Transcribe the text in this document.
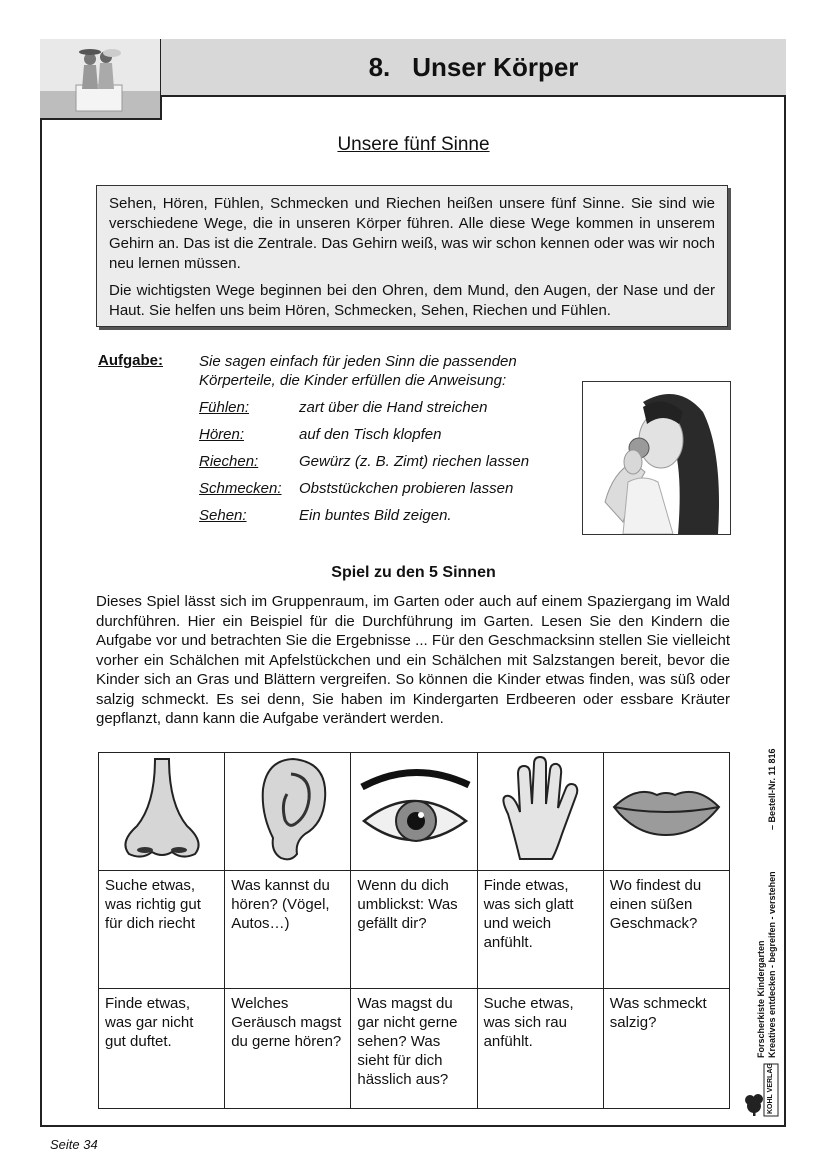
8. Unser Körper
Unsere fünf Sinne

Sehen, Hören, Fühlen, Schmecken und Riechen heißen unsere fünf Sinne. Sie sind wie verschiedene Wege, die in unseren Körper führen. Alle diese Wege kommen in unserem Gehirn an. Das ist die Zentrale. Das Gehirn weiß, was wir schon kennen oder was wir noch neu lernen müssen.

Die wichtigsten Wege beginnen bei den Ohren, dem Mund, den Augen, der Nase und der Haut. Sie helfen uns beim Hören, Schmecken, Sehen, Riechen und Fühlen.

Aufgabe: Sie sagen einfach für jeden Sinn die passenden Körperteile, die Kinder erfüllen die Anweisung:
Fühlen:	zart über die Hand streichen
Hören:	auf den Tisch klopfen
Riechen:	Gewürz (z. B. Zimt) riechen lassen
Schmecken: Obststückchen probieren lassen
Sehen:	Ein buntes Bild zeigen.
Spiel zu den 5 Sinnen
Dieses Spiel lässt sich im Gruppenraum, im Garten oder auch auf einem Spaziergang im Wald durchführen. Hier ein Beispiel für die Durchführung im Garten. Lesen Sie den Kindern die Aufgabe vor und betrachten Sie die Ergebnisse ... Für den Geschmacksinn stellen Sie vielleicht vorher ein Schälchen mit Apfelstückchen und ein Schälchen mit Salzstangen bereit, bevor die Kinder sich an Gras und Blättern vergreifen. So können die Kinder etwas finden, was süß oder salzig schmeckt. Es sei denn, Sie haben im Kindergarten Erdbeeren oder essbare Kräuter gepflanzt, dann kann die Aufgabe verändert werden.

Suche etwas, was richtig gut für dich riecht	Was kannst du hören? (Vögel, Autos…)	Wenn du dich umblickst: Was gefällt dir?	Finde etwas, was sich glatt und weich anfühlt.	Wo findest du einen süßen Geschmack?
Finde etwas, was gar nicht gut duftet.	Welches Geräusch magst du gerne hören?	Was magst du gar nicht gerne sehen? Was sieht für dich hässlich aus?	Suche etwas, was sich rau anfühlt.	Was schmeckt salzig?	Forscherkiste Kindergarten Kreatives entdecken - begreifen - verstehen
– Bestell-Nr. 11 816
KOHL VERLAG
Seite 34
